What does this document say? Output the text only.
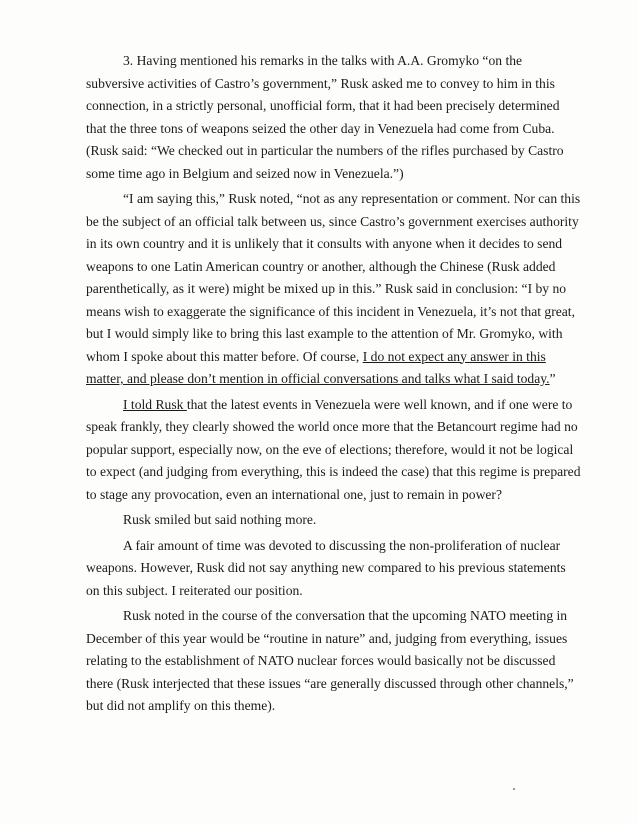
3. Having mentioned his remarks in the talks with A.A. Gromyko “on the subversive activities of Castro’s government,” Rusk asked me to convey to him in this connection, in a strictly personal, unofficial form, that it had been precisely determined that the three tons of weapons seized the other day in Venezuela had come from Cuba. (Rusk said: “We checked out in particular the numbers of the rifles purchased by Castro some time ago in Belgium and seized now in Venezuela.”)

“I am saying this,” Rusk noted, “not as any representation or comment. Nor can this be the subject of an official talk between us, since Castro’s government exercises authority in its own country and it is unlikely that it consults with anyone when it decides to send weapons to one Latin American country or another, although the Chinese (Rusk added parenthetically, as it were) might be mixed up in this.” Rusk said in conclusion: “I by no means wish to exaggerate the significance of this incident in Venezuela, it’s not that great, but I would simply like to bring this last example to the attention of Mr. Gromyko, with whom I spoke about this matter before. Of course, I do not expect any answer in this matter, and please don’t mention in official conversations and talks what I said today.”

I told Rusk that the latest events in Venezuela were well known, and if one were to speak frankly, they clearly showed the world once more that the Betancourt regime had no popular support, especially now, on the eve of elections; therefore, would it not be logical to expect (and judging from everything, this is indeed the case) that this regime is prepared to stage any provocation, even an international one, just to remain in power?

Rusk smiled but said nothing more.

A fair amount of time was devoted to discussing the non-proliferation of nuclear weapons. However, Rusk did not say anything new compared to his previous statements on this subject. I reiterated our position.

Rusk noted in the course of the conversation that the upcoming NATO meeting in December of this year would be “routine in nature” and, judging from everything, issues relating to the establishment of NATO nuclear forces would basically not be discussed there (Rusk interjected that these issues “are generally discussed through other channels,” but did not amplify on this theme).
